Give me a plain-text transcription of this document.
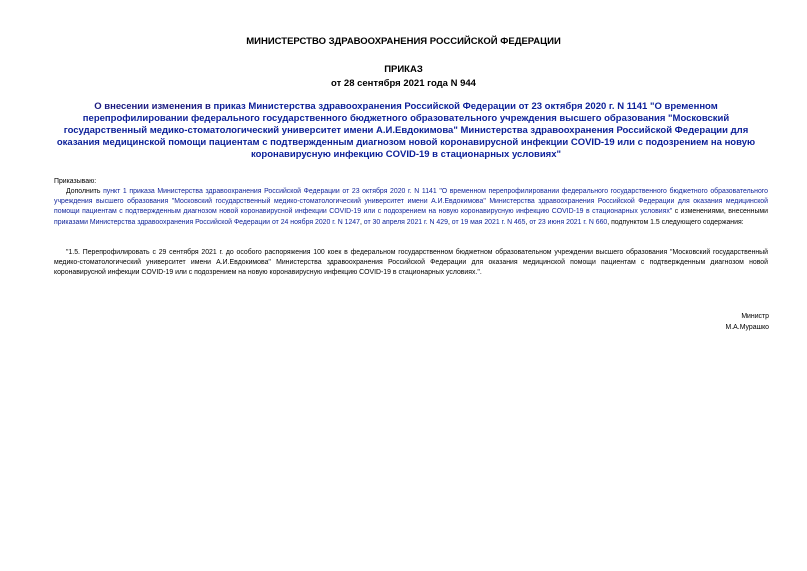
МИНИСТЕРСТВО ЗДРАВООХРАНЕНИЯ РОССИЙСКОЙ ФЕДЕРАЦИИ
ПРИКАЗ
от 28 сентября 2021 года N 944
О внесении изменения в приказ Министерства здравоохранения Российской Федерации от 23 октября 2020 г. N 1141 "О временном перепрофилировании федерального государственного бюджетного образовательного учреждения высшего образования "Московский государственный медико-стоматологический университет имени А.И.Евдокимова" Министерства здравоохранения Российской Федерации для оказания медицинской помощи пациентам с подтвержденным диагнозом новой коронавирусной инфекции COVID-19 или с подозрением на новую коронавирусную инфекцию COVID-19 в стационарных условиях"
Приказываю:
Дополнить пункт 1 приказа Министерства здравоохранения Российской Федерации от 23 октября 2020 г. N 1141 "О временном перепрофилировании федерального государственного бюджетного образовательного учреждения высшего образования "Московский государственный медико-стоматологический университет имени А.И.Евдокимова" Министерства здравоохранения Российской Федерации для оказания медицинской помощи пациентам с подтвержденным диагнозом новой коронавирусной инфекции COVID-19 или с подозрением на новую коронавирусную инфекцию COVID-19 в стационарных условиях" с изменениями, внесенными приказами Министерства здравоохранения Российской Федерации от 24 ноября 2020 г. N 1247, от 30 апреля 2021 г. N 429, от 19 мая 2021 г. N 465, от 23 июня 2021 г. N 660, подпунктом 1.5 следующего содержания:
"1.5. Перепрофилировать с 29 сентября 2021 г. до особого распоряжения 100 коек в федеральном государственном бюджетном образовательном учреждении высшего образования "Московский государственный медико-стоматологический университет имени А.И.Евдокимова" Министерства здравоохранения Российской Федерации для оказания медицинской помощи пациентам с подтвержденным диагнозом новой коронавирусной инфекции COVID-19 или с подозрением на новую коронавирусную инфекцию COVID-19 в стационарных условиях.".
Министр
М.А.Мурашко
